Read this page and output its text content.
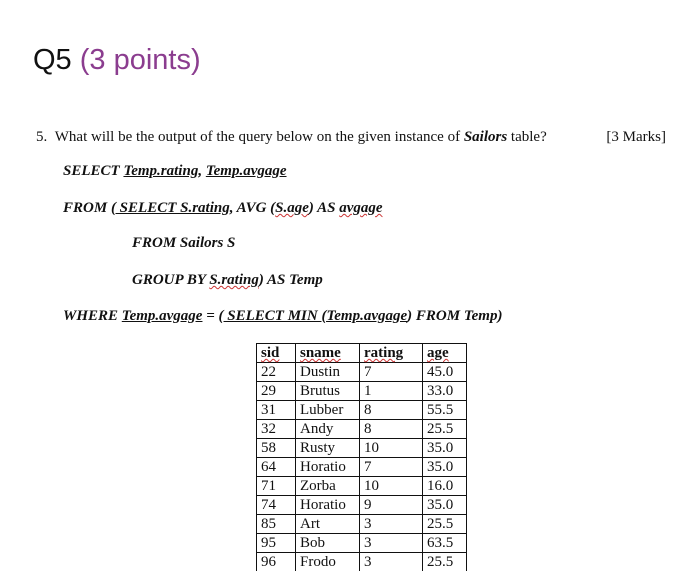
Q5 (3 points)
5. What will be the output of the query below on the given instance of Sailors table?	[3 Marks]
SELECT Temp.rating, Temp.avgage
FROM ( SELECT S.rating, AVG (S.age) AS avgage
FROM Sailors S
GROUP BY S.rating) AS Temp
WHERE Temp.avgage = ( SELECT MIN (Temp.avgage) FROM Temp)
sid	sname	rating	age
22	Dustin	7	45.0
29	Brutus	1	33.0
31	Lubber	8	55.5
32	Andy	8	25.5
58	Rusty	10	35.0
64	Horatio	7	35.0
71	Zorba	10	16.0
74	Horatio	9	35.0
85	Art	3	25.5
95	Bob	3	63.5
96	Frodo	3	25.5
